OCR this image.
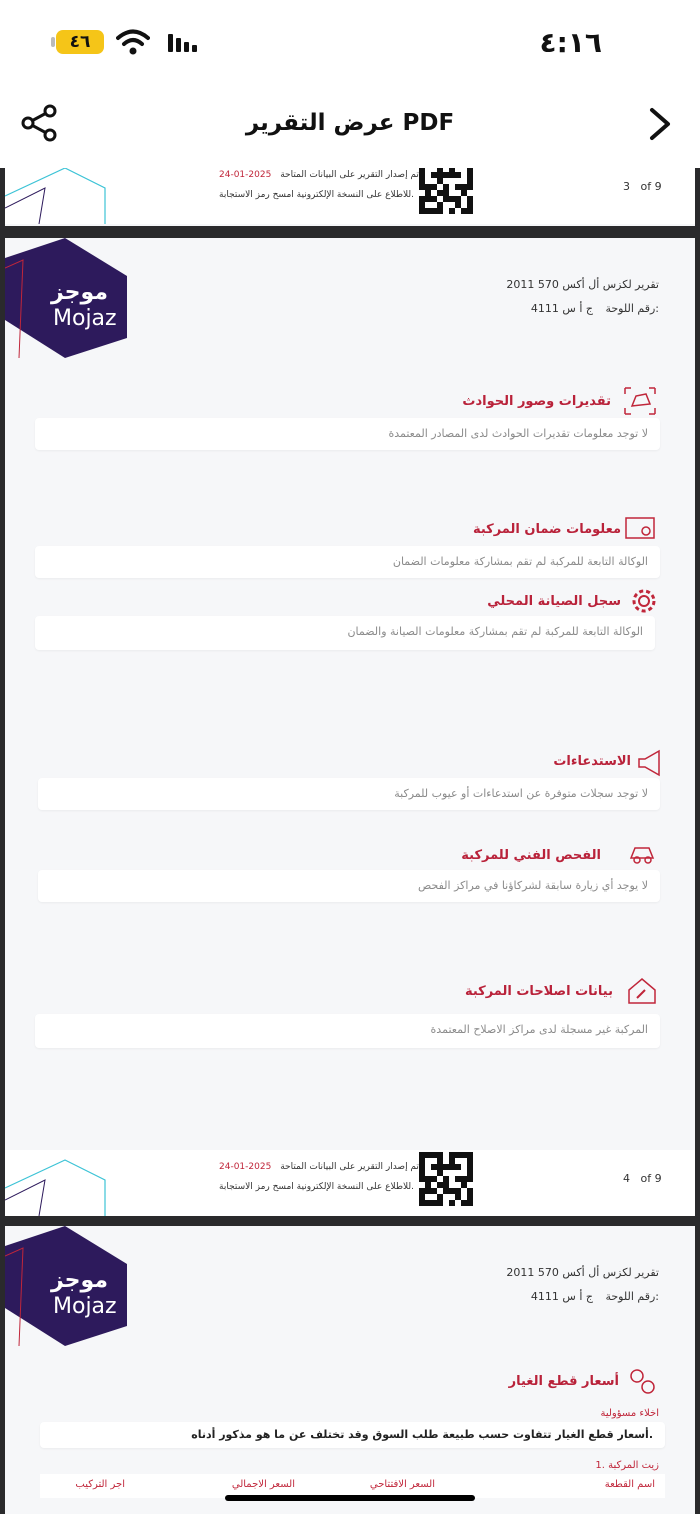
٤٦	٤:١٦
عرض التقرير PDF
تم إصدار التقرير على البيانات المتاحة 2025-01-24
للاطلاع على النسخة الإلكترونية امسح رمز الاستجابة.
3 of 9
موجز
Mojaz
تقرير لكزس أل أكس 570 2011
رقم اللوحة:
ج أ س 4111
تقديرات وصور الحوادث
لا توجد معلومات تقديرات الحوادث لدى المصادر المعتمدة
معلومات ضمان المركبة
الوكالة التابعة للمركبة لم تقم بمشاركة معلومات الضمان
سجل الصيانة المحلي
الوكالة التابعة للمركبة لم تقم بمشاركة معلومات الصيانة والضمان
الاستدعاءات
لا توجد سجلات متوفرة عن استدعاءات أو عيوب للمركبة
الفحص الفني للمركبة
لا يوجد أي زيارة سابقة لشركاؤنا في مراكز الفحص
بيانات اصلاحات المركبة
المركبة غير مسجلة لدى مراكز الاصلاح المعتمدة
تم إصدار التقرير على البيانات المتاحة 2025-01-24
للاطلاع على النسخة الإلكترونية امسح رمز الاستجابة.
4 of 9
موجز
Mojaz
تقرير لكزس أل أكس 570 2011
رقم اللوحة:
ج أ س 4111
أسعار قطع الغيار
اخلاء مسؤولية
أسعار قطع الغيار تتفاوت حسب طبيعة طلب السوق وقد تختلف عن ما هو مذكور أدناه.
1. زيت المركبة
اسم القطعة
السعر الافتتاحي
السعر الاجمالي
اجر التركيب
